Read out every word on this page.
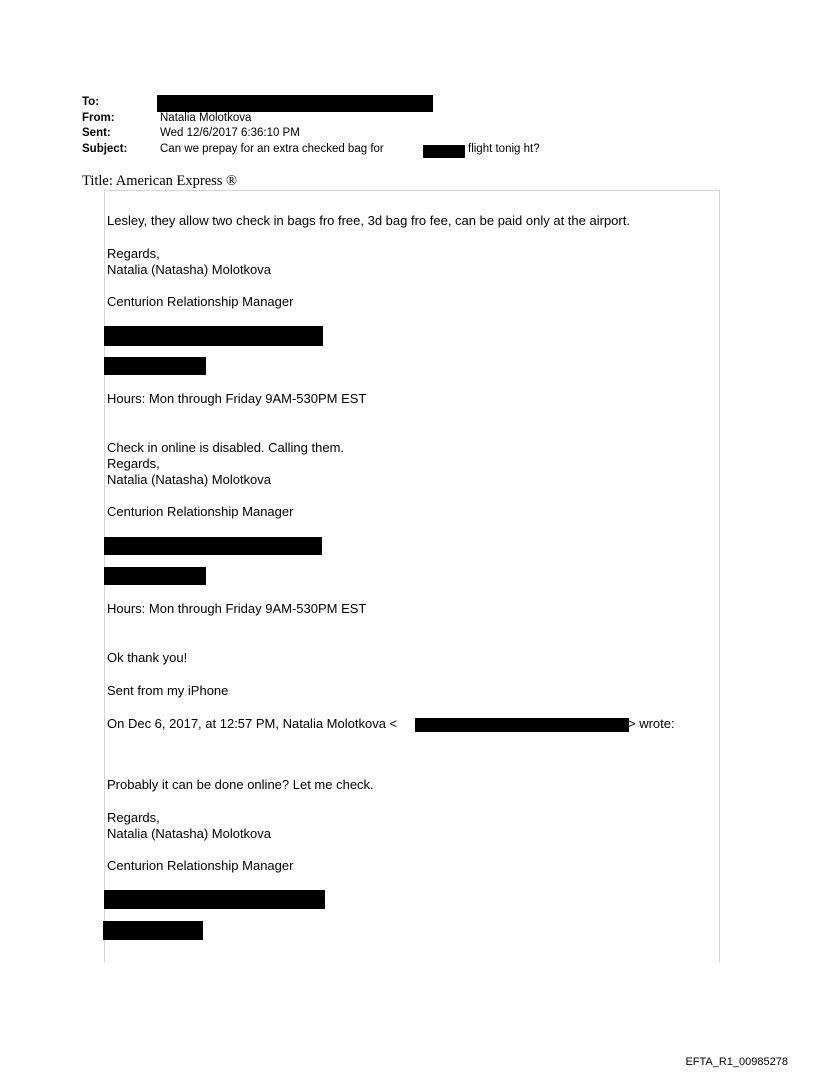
To:
From:	Natalia Molotkova
Sent:	Wed 12/6/2017 6:36:10 PM
Subject:	Can we prepay for an extra checked bag for	flight tonig ht?
Title: American Express ®
Lesley, they allow two check in bags fro free, 3d bag fro fee, can be paid only at the airport.
Regards,
Natalia (Natasha) Molotkova
Centurion Relationship Manager
Hours: Mon through Friday 9AM-530PM EST
Check in online is disabled. Calling them.
Regards,
Natalia (Natasha) Molotkova
Centurion Relationship Manager
Hours: Mon through Friday 9AM-530PM EST
Ok thank you!
Sent from my iPhone
On Dec 6, 2017, at 12:57 PM, Natalia Molotkova <	> wrote:
Probably it can be done online? Let me check.
Regards,
Natalia (Natasha) Molotkova
Centurion Relationship Manager
EFTA_R1_00985278
